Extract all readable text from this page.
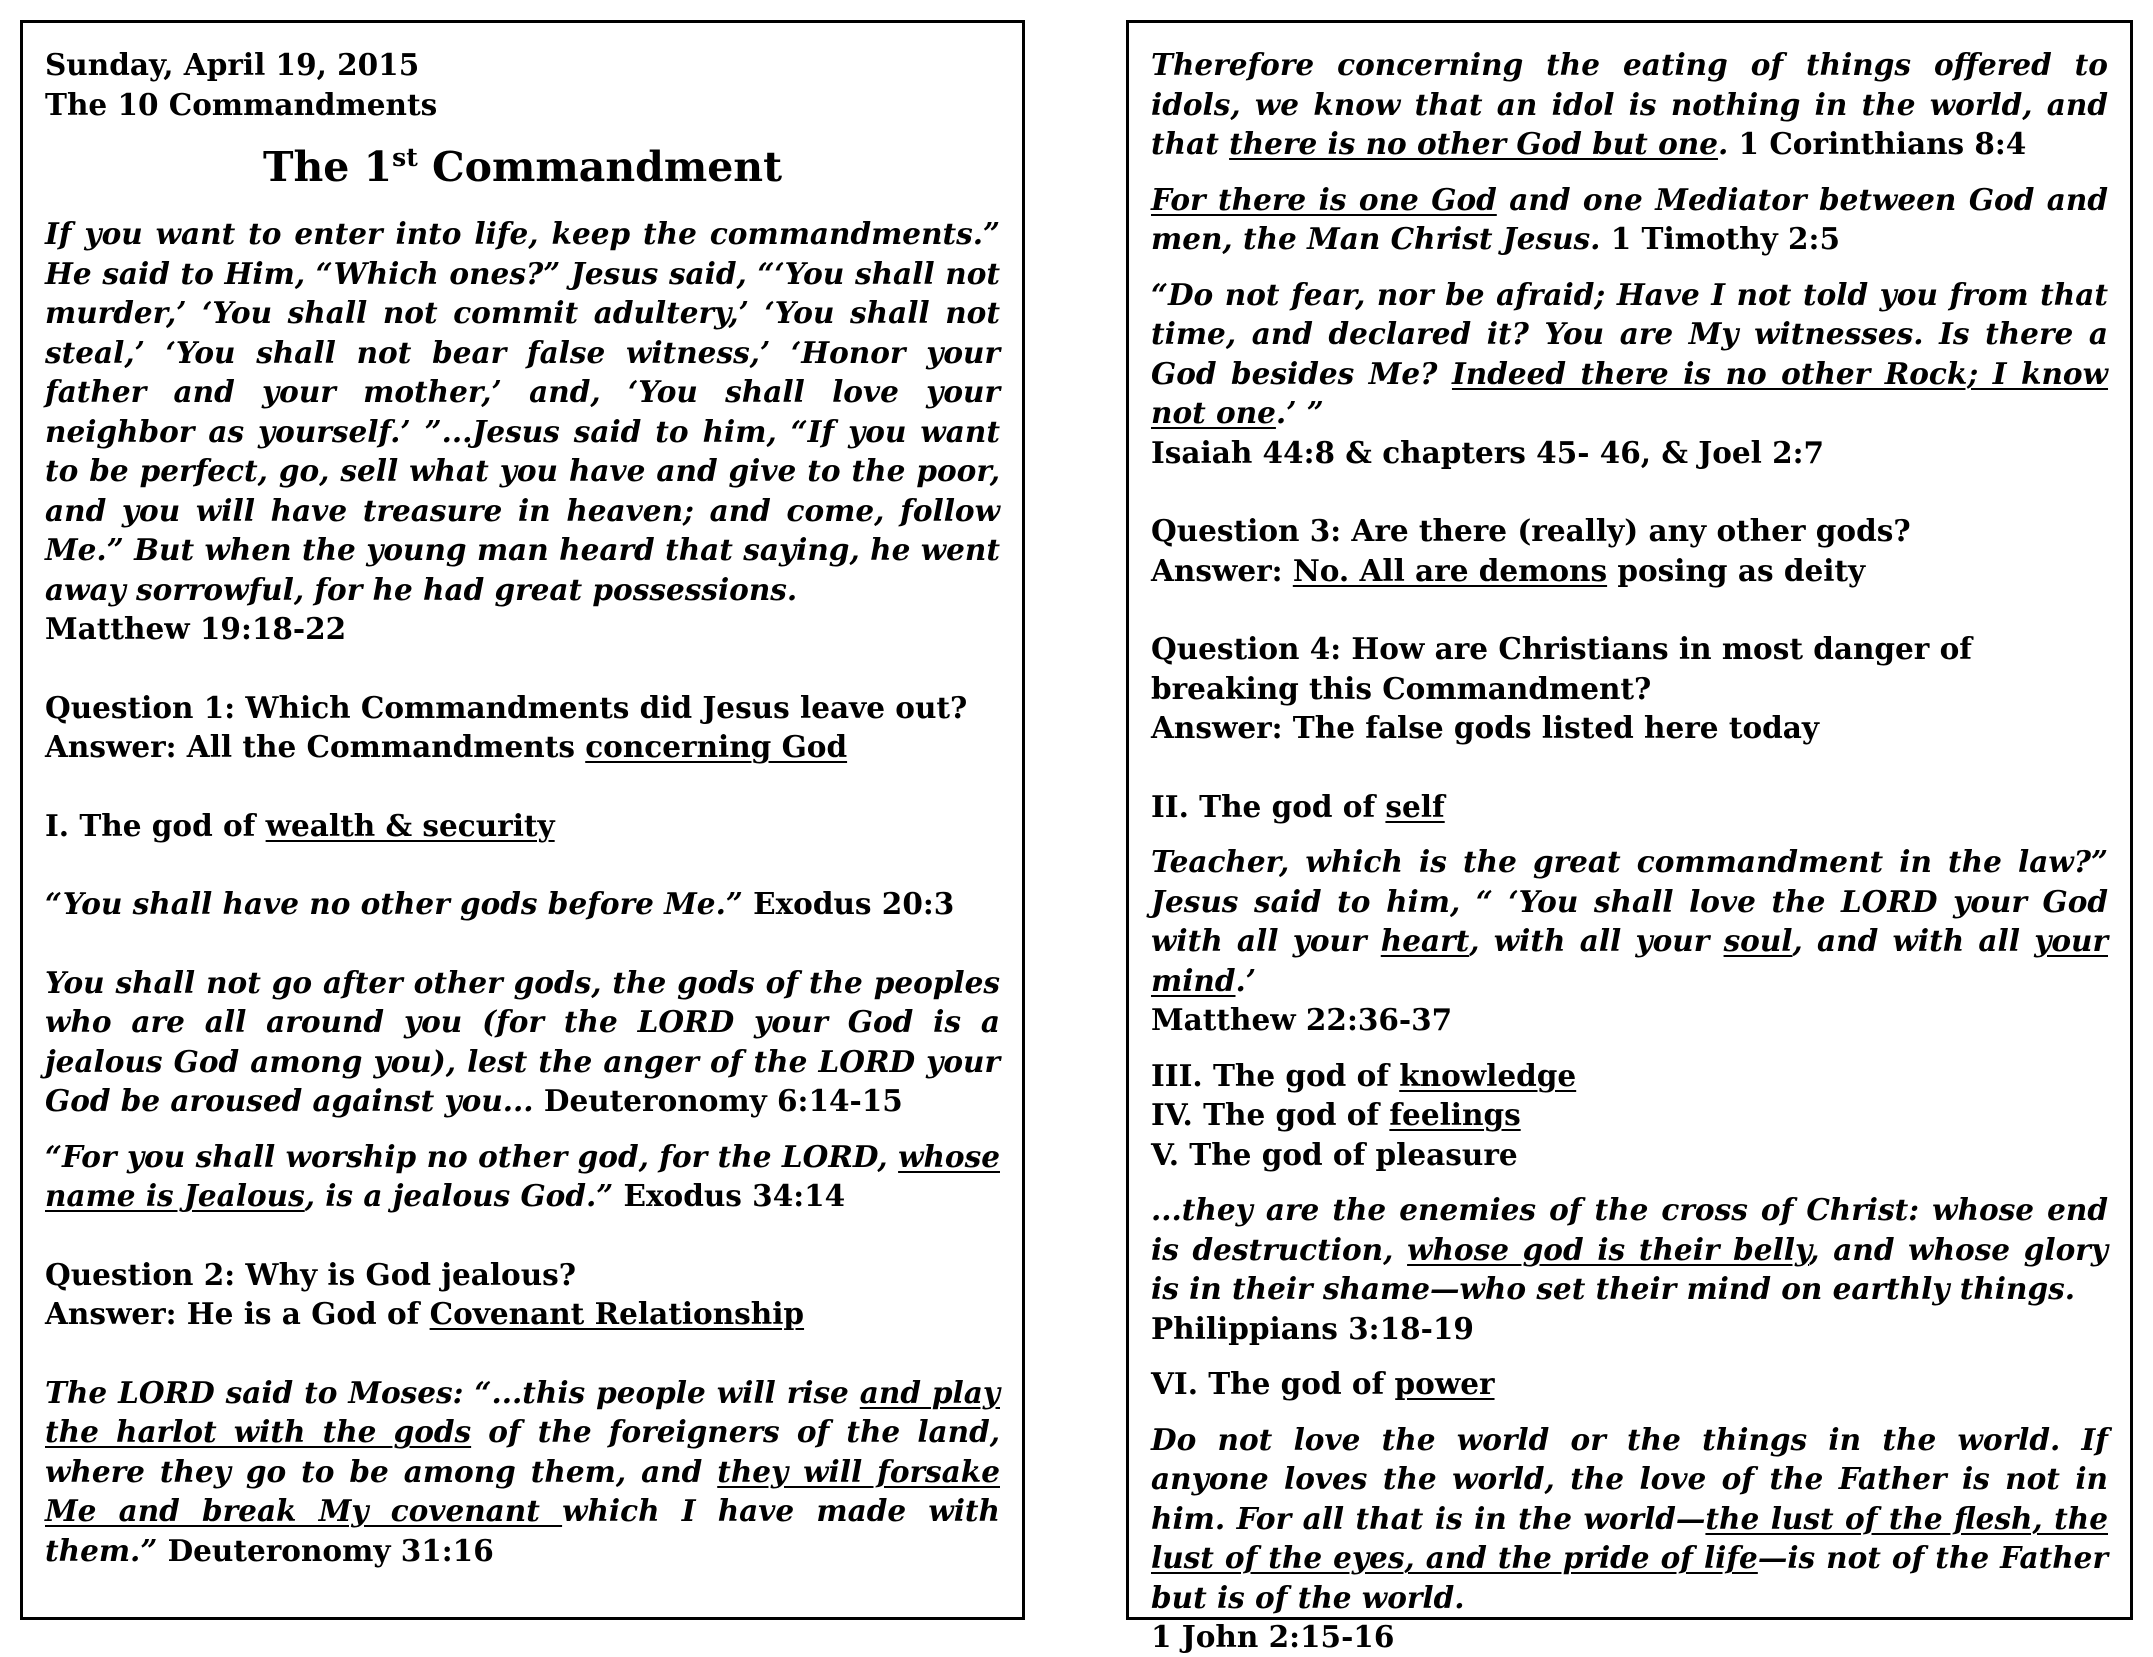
Sunday, April 19, 2015

The 10 Commandments

The 1st Commandment

If you want to enter into life, keep the commandments.” He said to Him, “Which ones?” Jesus said, “‘You shall not murder,’ ‘You shall not commit adultery,’ ‘You shall not steal,’ ‘You shall not bear false witness,’ ‘Honor your father and your mother,’ and, ‘You shall love your neighbor as yourself.’ ”...Jesus said to him, “If you want to be perfect, go, sell what you have and give to the poor, and you will have treasure in heaven; and come, follow Me.” But when the young man heard that saying, he went away sorrowful, for he had great possessions.

Matthew 19:18-22

Question 1: Which Commandments did Jesus leave out?

Answer: All the Commandments concerning God

I. The god of wealth & security

“You shall have no other gods before Me.” Exodus 20:3

You shall not go after other gods, the gods of the peoples who are all around you (for the LORD your God is a jealous God among you), lest the anger of the LORD your God be aroused against you... Deuteronomy 6:14-15

“For you shall worship no other god, for the LORD, whose name is Jealous, is a jealous God.” Exodus 34:14

Question 2: Why is God jealous?

Answer: He is a God of Covenant Relationship

The LORD said to Moses: “...this people will rise and play the harlot with the gods of the foreigners of the land, where they go to be among them, and they will forsake Me and break My covenant which I have made with them.” Deuteronomy 31:16

Therefore concerning the eating of things offered to idols, we know that an idol is nothing in the world, and that there is no other God but one. 1 Corinthians 8:4

For there is one God and one Mediator between God and men, the Man Christ Jesus. 1 Timothy 2:5

“Do not fear, nor be afraid; Have I not told you from that time, and declared it? You are My witnesses. Is there a God besides Me? Indeed there is no other Rock; I know not one.’ ”

Isaiah 44:8 & chapters 45- 46, & Joel 2:7

Question 3: Are there (really) any other gods?

Answer: No. All are demons posing as deity

Question 4: How are Christians in most danger of breaking this Commandment?

Answer: The false gods listed here today

II. The god of self

Teacher, which is the great commandment in the law?” Jesus said to him, “ ‘You shall love the LORD your God with all your heart, with all your soul, and with all your mind.’

Matthew 22:36-37

III. The god of knowledge

IV. The god of feelings

V. The god of pleasure

...they are the enemies of the cross of Christ: whose end is destruction, whose god is their belly, and whose glory is in their shame—who set their mind on earthly things.

Philippians 3:18-19

VI. The god of power

Do not love the world or the things in the world. If anyone loves the world, the love of the Father is not in him. For all that is in the world—the lust of the flesh, the lust of the eyes, and the pride of life—is not of the Father but is of the world.

1 John 2:15-16
